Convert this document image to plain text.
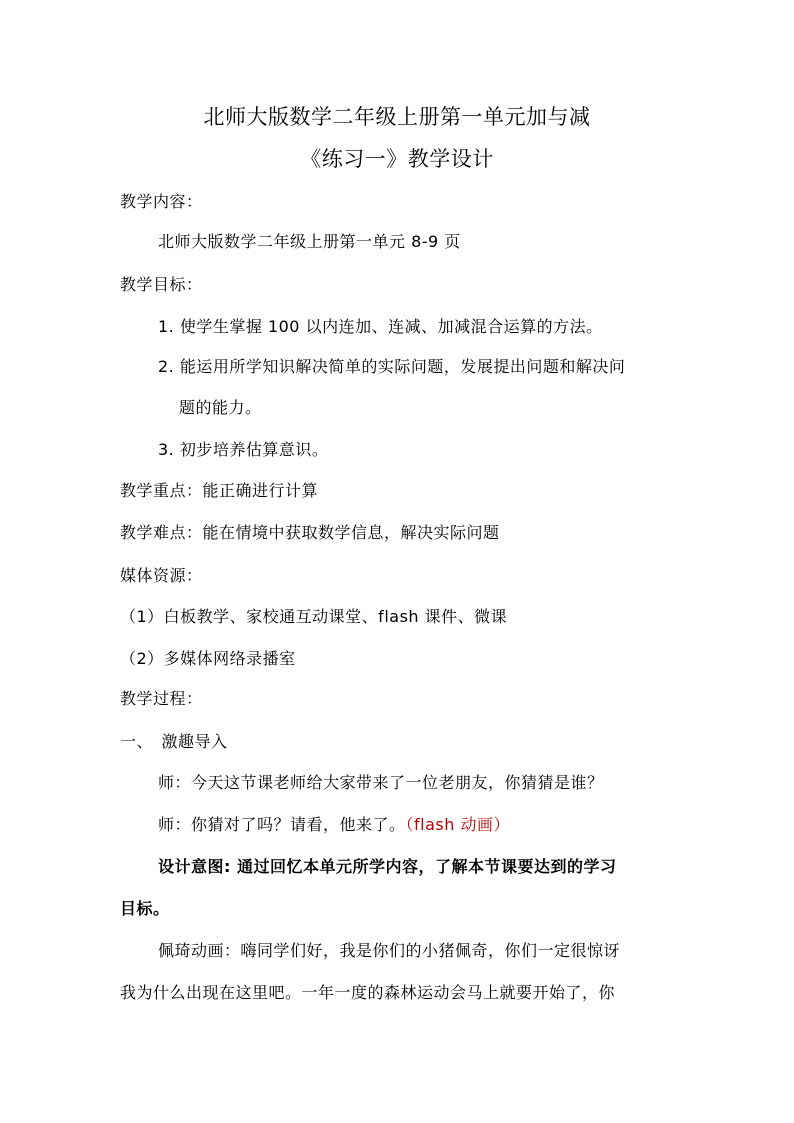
北师大版数学二年级上册第一单元加与减
《练习一》教学设计
教学内容：
北师大版数学二年级上册第一单元 8-9 页
教学目标：
1. 使学生掌握 100 以内连加、连减、加减混合运算的方法。
2. 能运用所学知识解决简单的实际问题，发展提出问题和解决问
题的能力。
3. 初步培养估算意识。
教学重点：能正确进行计算
教学难点：能在情境中获取数学信息，解决实际问题
媒体资源：
（1）白板教学、家校通互动课堂、flash 课件、微课
（2）多媒体网络录播室
教学过程：
一、　激趣导入
师：今天这节课老师给大家带来了一位老朋友，你猜猜是谁？
师：你猜对了吗？请看，他来了。（flash 动画）
设计意图: 通过回忆本单元所学内容，了解本节课要达到的学习
目标。
佩琦动画：嗨同学们好，我是你们的小猪佩奇，你们一定很惊讶
我为什么出现在这里吧。一年一度的森林运动会马上就要开始了，你
